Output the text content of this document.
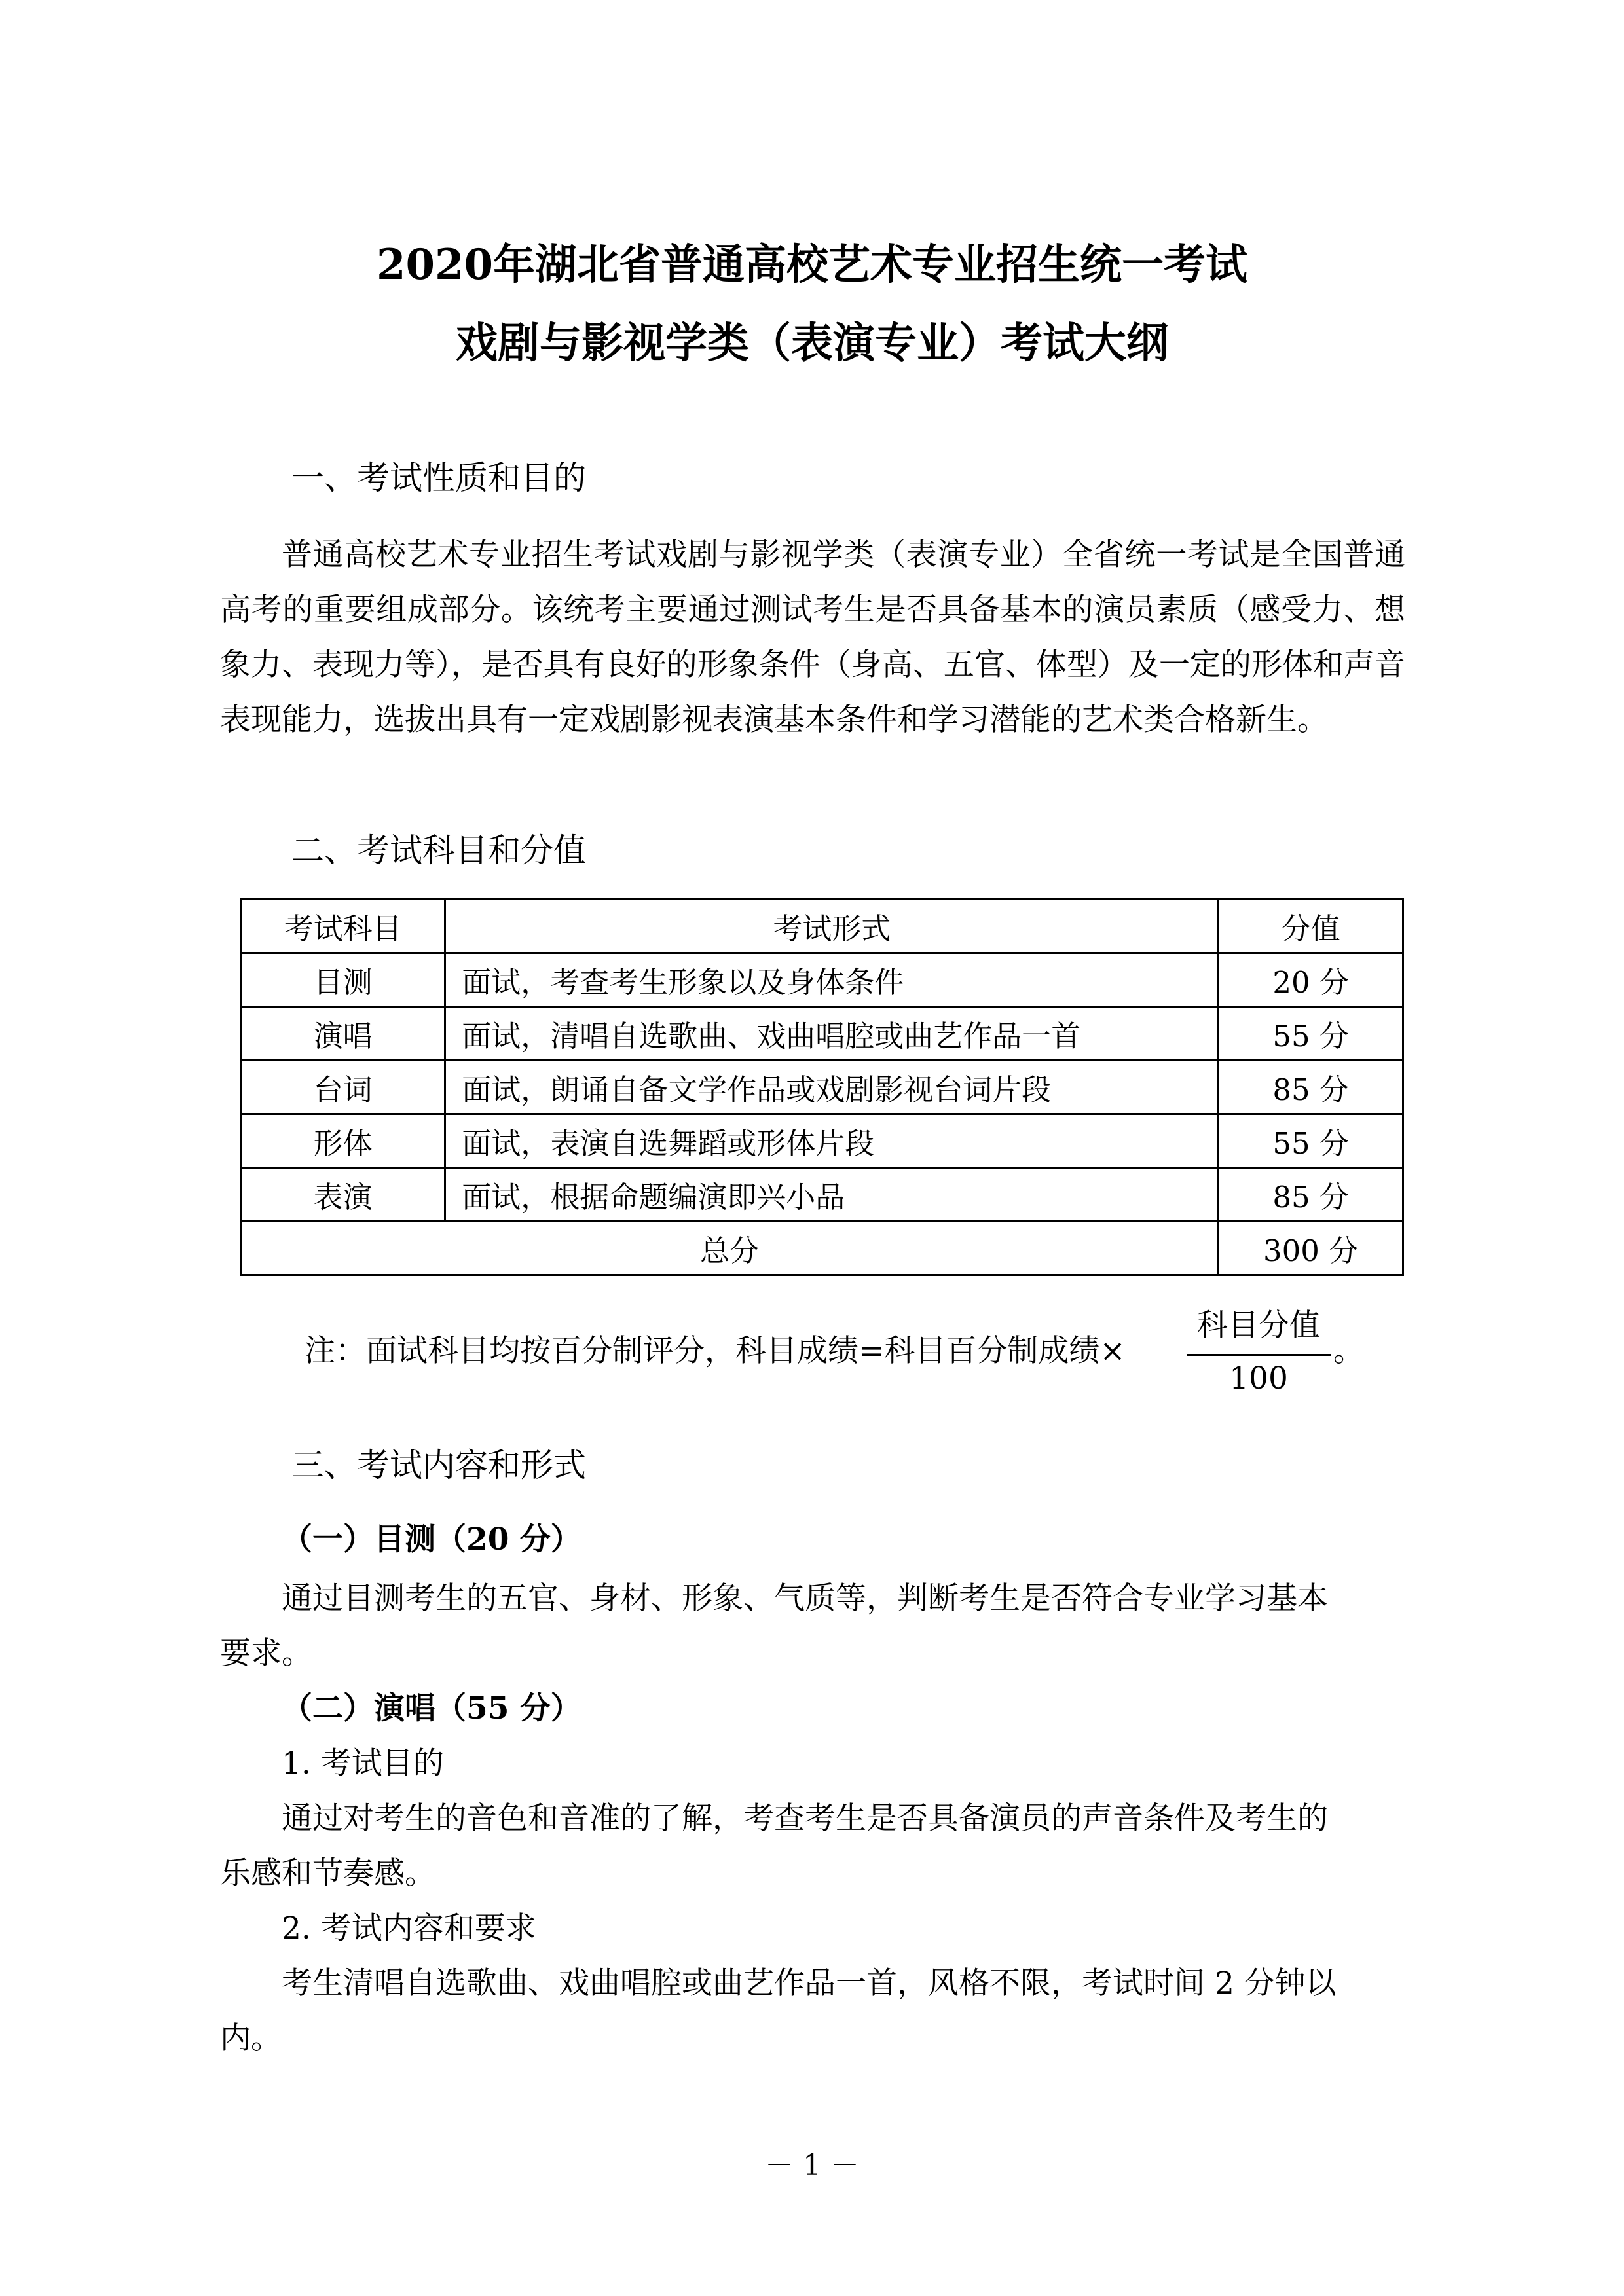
2020年湖北省普通高校艺术专业招生统一考试
戏剧与影视学类（表演专业）考试大纲
一、考试性质和目的
普通高校艺术专业招生考试戏剧与影视学类（表演专业）全省统一考试是全国普通高考的重要组成部分。该统考主要通过测试考生是否具备基本的演员素质（感受力、想象力、表现力等），是否具有良好的形象条件（身高、五官、体型）及一定的形体和声音表现能力，选拔出具有一定戏剧影视表演基本条件和学习潜能的艺术类合格新生。
二、考试科目和分值
考试科目	考试形式	分值
目测	面试，考查考生形象以及身体条件	20 分
演唱	面试，清唱自选歌曲、戏曲唱腔或曲艺作品一首	55 分
台词	面试，朗诵自备文学作品或戏剧影视台词片段	85 分
形体	面试，表演自选舞蹈或形体片段	55 分
表演	面试，根据命题编演即兴小品	85 分
总分		300 分
注：面试科目均按百分制评分，科目成绩=科目百分制成绩×
科目分值
100
。
三、考试内容和形式
（一）目测（20 分）
通过目测考生的五官、身材、形象、气质等，判断考生是否符合专业学习基本
要求。
（二）演唱（55 分）
1. 考试目的
通过对考生的音色和音准的了解，考查考生是否具备演员的声音条件及考生的
乐感和节奏感。
2. 考试内容和要求
考生清唱自选歌曲、戏曲唱腔或曲艺作品一首，风格不限，考试时间 2 分钟以
内。
－ 1 －
